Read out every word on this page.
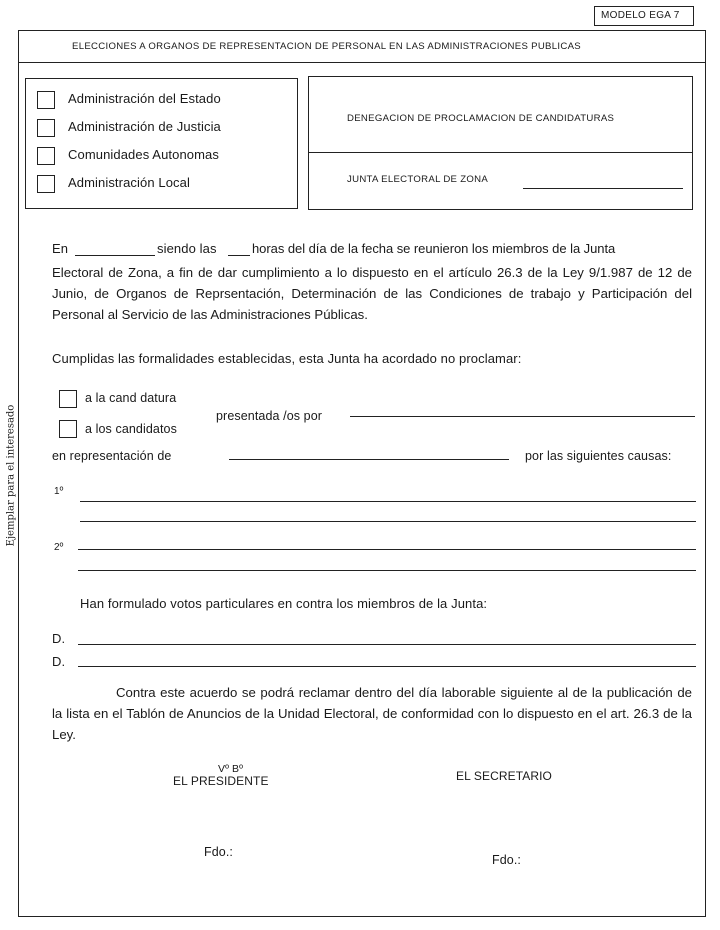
MODELO EGA 7
ELECCIONES A ORGANOS DE REPRESENTACION DE PERSONAL EN LAS ADMINISTRACIONES PUBLICAS
Ejemplar para el interesado
Administración del Estado
Administración de Justicia
Comunidades Autonomas
Administración Local
DENEGACION DE PROCLAMACION DE CANDIDATURAS
JUNTA ELECTORAL DE ZONA
En	siendo las	horas del día de la fecha se reunieron los miembros de la Junta
Electoral de Zona, a fin de dar cumplimiento a lo dispuesto en el artículo 26.3 de la Ley 9/1.987 de 12 de Junio, de Organos de Reprsentación, Determinación de las Condiciones de trabajo y Participación del Personal al Servicio de las Administraciones Públicas.
Cumplidas las formalidades establecidas, esta Junta ha acordado no proclamar:
a la cand datura
a los candidatos
presentada /os por
en representación de	por las siguientes causas:
1º
2º
Han formulado votos particulares en contra los miembros de la Junta:
D.
D.
Contra este acuerdo se podrá reclamar dentro del día laborable siguiente al de la publicación de la lista en el Tablón de Anuncios de la Unidad Electoral, de conformidad con lo dispuesto en el art. 26.3 de la Ley.
Vº Bº
EL PRESIDENTE	EL SECRETARIO
Fdo.:
Fdo.:
